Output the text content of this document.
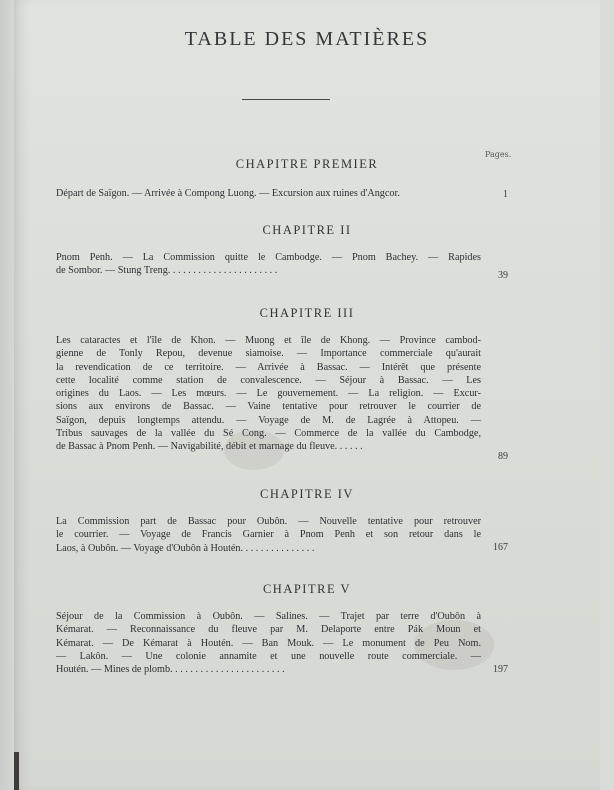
TABLE DES MATIÈRES
Pages.
CHAPITRE PREMIER
Départ de Saïgon. — Arrivée à Compong Luong. — Excursion aux ruines d'Angcor.	1
CHAPITRE II
Pnom Penh. — La Commission quitte le Cambodge. — Pnom Bachey. — Rapides
de Sombor. — Stung Treng. . . . . . . . . . . . . . . . . . . . . .	39
CHAPITRE III
Les cataractes et l'île de Khon. — Muong et île de Khong. — Province cambod-
gienne de Tonly Repou, devenue siamoise. — Importance commerciale qu'aurait
la revendication de ce territoire. — Arrivée à Bassac. — Intérêt que présente
cette localité comme station de convalescence. — Séjour à Bassac. — Les
origines du Laos. — Les mœurs. — Le gouvernement. — La religion. — Excur-
sions aux environs de Bassac. — Vaine tentative pour retrouver le courrier de
Saïgon, depuis longtemps attendu. — Voyage de M. de Lagrée à Attopeu. —
Tribus sauvages de la vallée du Sé Cong. — Commerce de la vallée du Cambodge,
de Bassac à Pnom Penh. — Navigabilité, débit et marnage du fleuve. . . . . .
89
CHAPITRE IV
La Commission part de Bassac pour Oubôn. — Nouvelle tentative pour retrouver
le courrier. — Voyage de Francis Garnier à Pnom Penh et son retour dans le
Laos, à Oubôn. — Voyage d'Oubôn à Houtén. . . . . . . . . . . . . . .	167
CHAPITRE V
Séjour de la Commission à Oubôn. — Salines. — Trajet par terre d'Oubôn à
Kémarat. — Reconnaissance du fleuve par M. Delaporte entre Pák Moun et
Kémarat. — De Kémarat à Houtén. — Ban Mouk. — Le monument de Peu Nom.
— Lakôn. — Une colonie annamite et une nouvelle route commerciale. —
Houtén. — Mines de plomb. . . . . . . . . . . . . . . . . . . . . . .	197
